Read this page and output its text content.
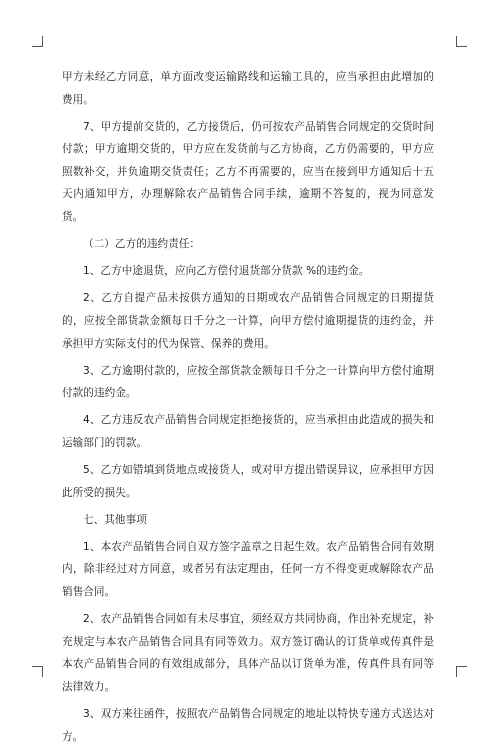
甲方未经乙方同意，单方面改变运输路线和运输工具的，应当承担由此增加的费用。

7、甲方提前交货的，乙方接货后，仍可按农产品销售合同规定的交货时间付款；甲方逾期交货的，甲方应在发货前与乙方协商，乙方仍需要的，甲方应照数补交，并负逾期交货责任；乙方不再需要的，应当在接到甲方通知后十五天内通知甲方，办理解除农产品销售合同手续，逾期不答复的，视为同意发货。

（二）乙方的违约责任：

1、乙方中途退货，应向乙方偿付退货部分货款 %的违约金。

2、乙方自提产品未按供方通知的日期或农产品销售合同规定的日期提货的，应按全部货款金额每日千分之一计算，向甲方偿付逾期提货的违约金，并承担甲方实际支付的代为保管、保养的费用。

3、乙方逾期付款的，应按全部货款金额每日千分之一计算向甲方偿付逾期付款的违约金。

4、乙方违反农产品销售合同规定拒绝接货的，应当承担由此造成的损失和运输部门的罚款。

5、乙方如错填到货地点或接货人，或对甲方提出错误异议，应承担甲方因此所受的损失。

七、其他事项

1、本农产品销售合同自双方签字盖章之日起生效。农产品销售合同有效期内，除非经过对方同意，或者另有法定理由，任何一方不得变更或解除农产品销售合同。

2、农产品销售合同如有未尽事宜，须经双方共同协商，作出补充规定，补充规定与本农产品销售合同具有同等效力。双方签订确认的订货单或传真件是本农产品销售合同的有效组成部分，具体产品以订货单为准，传真件具有同等法律效力。

3、双方来往函件，按照农产品销售合同规定的地址以特快专递方式送达对方。
